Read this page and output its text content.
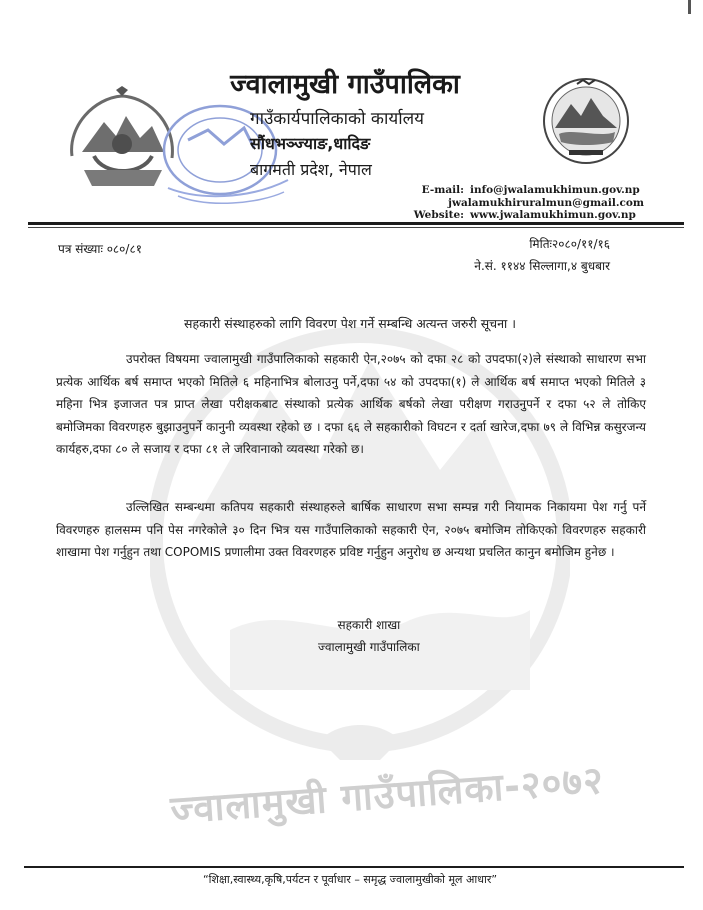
ज्वालामुखी गाउँपालिका-२०७२
ज्वालामुखी गाउँपालिका
गाउँकार्यपालिकाको कार्यालय
सौंधभञ्ज्याङ,धादिङ
बागमती प्रदेश, नेपाल
E-mail: info@jwalamukhimun.gov.np
jwalamukhiruralmun@gmail.com
Website: www.jwalamukhimun.gov.np
पत्र संख्याः ०८०/८१	मितिः२०८०/११/१६
ने.सं. ११४४ सिल्लागा,४ बुधबार
सहकारी संस्थाहरुको लागि विवरण पेश गर्ने सम्बन्धि अत्यन्त जरुरी सूचना ।
उपरोक्त विषयमा ज्वालामुखी गाउँपालिकाको सहकारी ऐन,२०७५ को दफा २८ को उपदफा(२)ले संस्थाको साधारण सभा प्रत्येक आर्थिक बर्ष समाप्त भएको मितिले ६ महिनाभित्र बोलाउनु पर्ने,दफा ५४ को उपदफा(१) ले आर्थिक बर्ष समाप्त भएको मितिले ३ महिना भित्र इजाजत पत्र प्राप्त लेखा परीक्षकबाट संस्थाको प्रत्येक आर्थिक बर्षको लेखा परीक्षण गराउनुपर्ने र दफा ५२ ले तोकिए बमोजिमका विवरणहरु बुझाउनुपर्ने कानुनी व्यवस्था रहेको छ । दफा ६६ ले सहकारीको विघटन र दर्ता खारेज,दफा ७९ ले विभिन्न कसुरजन्य कार्यहरु,दफा ८० ले सजाय र दफा ८१ ले जरिवानाको व्यवस्था गरेको छ।
उल्लिखित सम्बन्धमा कतिपय सहकारी संस्थाहरुले बार्षिक साधारण सभा सम्पन्न गरी नियामक निकायमा पेश गर्नु पर्ने विवरणहरु हालसम्म पनि पेस नगरेकोले ३० दिन भित्र यस गाउँपालिकाको सहकारी ऐन, २०७५ बमोजिम तोकिएको विवरणहरु सहकारी शाखामा पेश गर्नुहुन तथा COPOMIS प्रणालीमा उक्त विवरणहरु प्रविष्ट गर्नुहुन अनुरोध छ अन्यथा प्रचलित कानुन बमोजिम हुनेछ ।
सहकारी शाखा
ज्वालामुखी गाउँपालिका
“शिक्षा,स्वास्थ्य,कृषि,पर्यटन र पूर्वाधार – समृद्ध ज्वालामुखीको मूल आधार”
